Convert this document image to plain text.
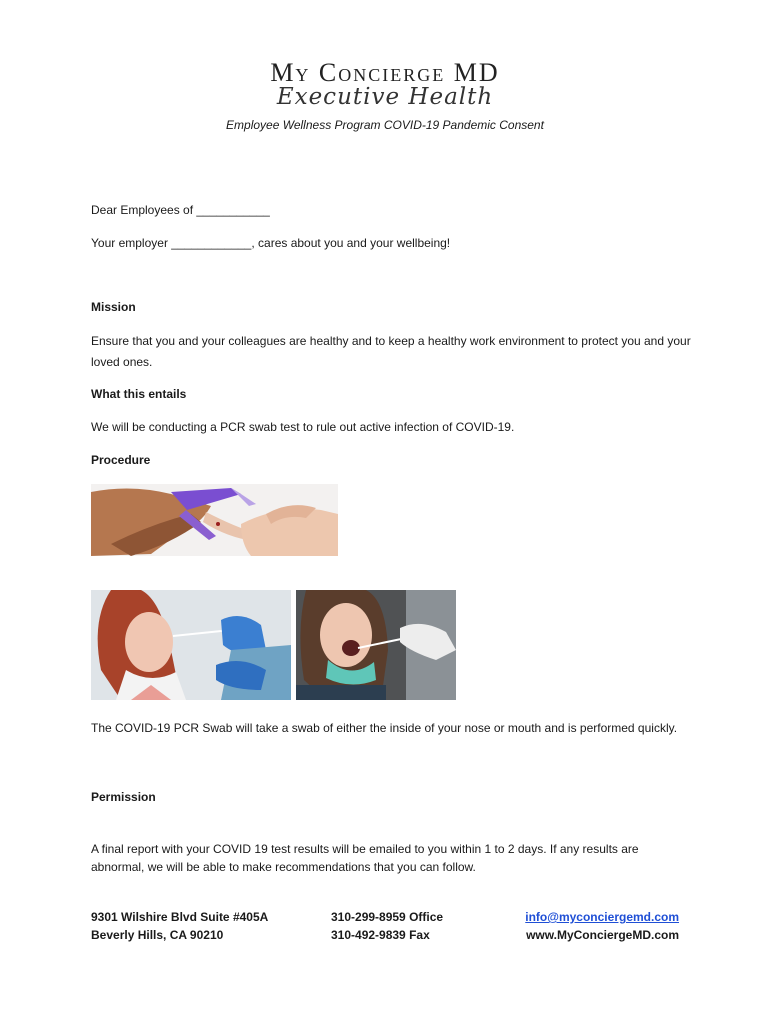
My Concierge MD
Executive Health
Employee Wellness Program COVID-19 Pandemic Consent
Dear Employees of ___________
Your employer ____________, cares about you and your wellbeing!
Mission
Ensure that you and your colleagues are healthy and to keep a healthy work environment to protect you and your loved ones.
What this entails
We will be conducting a PCR swab test to rule out active infection of COVID-19.
Procedure
The COVID-19 PCR Swab will take a swab of either the inside of your nose or mouth and is performed quickly.
Permission
A final report with your COVID 19 test results will be emailed to you within 1 to 2 days. If any results are abnormal, we will be able to make recommendations that you can follow.
9301 Wilshire Blvd Suite #405A
Beverly Hills, CA 90210
310-299-8959 Office
310-492-9839 Fax
info@myconciergemd.com
www.MyConciergeMD.com
